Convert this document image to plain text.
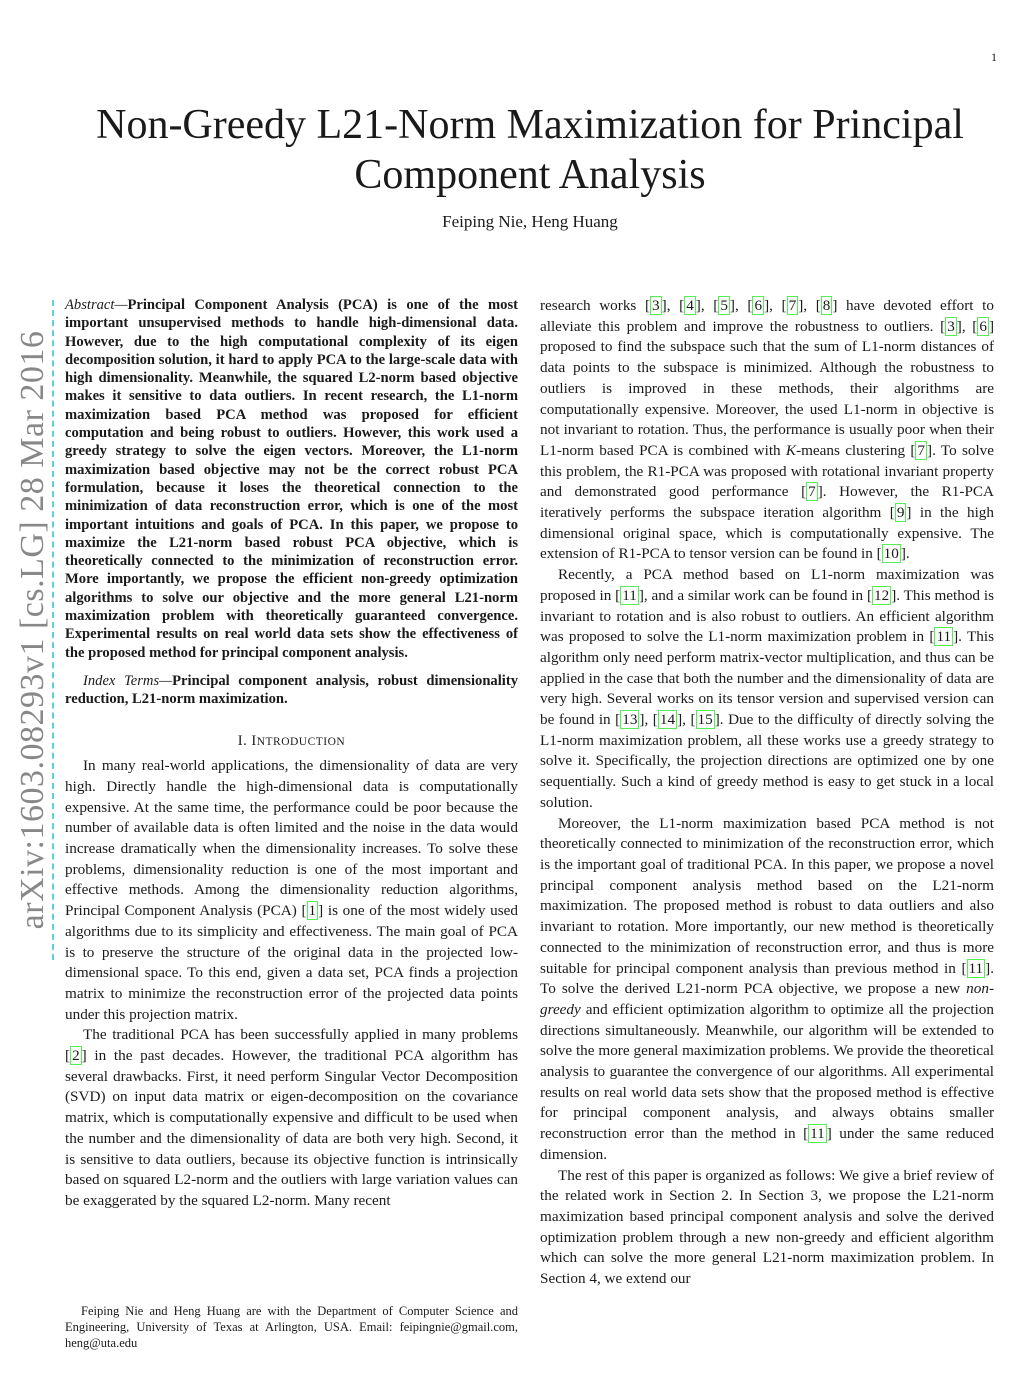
1
Non-Greedy L21-Norm Maximization for Principal Component Analysis
Feiping Nie, Heng Huang
arXiv:1603.08293v1 [cs.LG] 28 Mar 2016

Abstract—Principal Component Analysis (PCA) is one of the most important unsupervised methods to handle high-dimensional data. However, due to the high computational complexity of its eigen decomposition solution, it hard to apply PCA to the large-scale data with high dimensionality. Meanwhile, the squared L2-norm based objective makes it sensitive to data outliers. In recent research, the L1-norm maximization based PCA method was proposed for efficient computation and being robust to outliers. However, this work used a greedy strategy to solve the eigen vectors. Moreover, the L1-norm maximization based objective may not be the correct robust PCA formulation, because it loses the theoretical connection to the minimization of data reconstruction error, which is one of the most important intuitions and goals of PCA. In this paper, we propose to maximize the L21-norm based robust PCA objective, which is theoretically connected to the minimization of reconstruction error. More importantly, we propose the efficient non-greedy optimization algorithms to solve our objective and the more general L21-norm maximization problem with theoretically guaranteed convergence. Experimental results on real world data sets show the effectiveness of the proposed method for principal component analysis.

Index Terms—Principal component analysis, robust dimensionality reduction, L21-norm maximization.

I. INTRODUCTION

In many real-world applications, the dimensionality of data are very high. Directly handle the high-dimensional data is computationally expensive. At the same time, the performance could be poor because the number of available data is often limited and the noise in the data would increase dramatically when the dimensionality increases. To solve these problems, dimensionality reduction is one of the most important and effective methods. Among the dimensionality reduction algorithms, Principal Component Analysis (PCA) [ 1 ] is one of the most widely used algorithms due to its simplicity and effectiveness. The main goal of PCA is to preserve the structure of the original data in the projected low-dimensional space. To this end, given a data set, PCA finds a projection matrix to minimize the reconstruction error of the projected data points under this projection matrix.

The traditional PCA has been successfully applied in many problems [ 2 ] in the past decades. However, the traditional PCA algorithm has several drawbacks. First, it need perform Singular Vector Decomposition (SVD) on input data matrix or eigen-decomposition on the covariance matrix, which is computationally expensive and difficult to be used when the number and the dimensionality of data are both very high. Second, it is sensitive to data outliers, because its objective function is intrinsically based on squared L2-norm and the outliers with large variation values can be exaggerated by the squared L2-norm. Many recent

Feiping Nie and Heng Huang are with the Department of Computer Science and Engineering, University of Texas at Arlington, USA. Email: feipingnie@gmail.com, heng@uta.edu

research works [ 3 ], [ 4 ], [ 5 ], [ 6 ], [ 7 ], [ 8 ] have devoted effort to alleviate this problem and improve the robustness to outliers. [ 3 ], [ 6 ] proposed to find the subspace such that the sum of L1-norm distances of data points to the subspace is minimized. Although the robustness to outliers is improved in these methods, their algorithms are computationally expensive. Moreover, the used L1-norm in objective is not invariant to rotation. Thus, the performance is usually poor when their L1-norm based PCA is combined with K-means clustering [ 7 ]. To solve this problem, the R1-PCA was proposed with rotational invariant property and demonstrated good performance [ 7 ]. However, the R1-PCA iteratively performs the subspace iteration algorithm [ 9 ] in the high dimensional original space, which is computationally expensive. The extension of R1-PCA to tensor version can be found in [ 10 ].

Recently, a PCA method based on L1-norm maximization was proposed in [ 11 ], and a similar work can be found in [ 12 ]. This method is invariant to rotation and is also robust to outliers. An efficient algorithm was proposed to solve the L1-norm maximization problem in [ 11 ]. This algorithm only need perform matrix-vector multiplication, and thus can be applied in the case that both the number and the dimensionality of data are very high. Several works on its tensor version and supervised version can be found in [ 13 ], [ 14 ], [ 15 ]. Due to the difficulty of directly solving the L1-norm maximization problem, all these works use a greedy strategy to solve it. Specifically, the projection directions are optimized one by one sequentially. Such a kind of greedy method is easy to get stuck in a local solution.

Moreover, the L1-norm maximization based PCA method is not theoretically connected to minimization of the reconstruction error, which is the important goal of traditional PCA. In this paper, we propose a novel principal component analysis method based on the L21-norm maximization. The proposed method is robust to data outliers and also invariant to rotation. More importantly, our new method is theoretically connected to the minimization of reconstruction error, and thus is more suitable for principal component analysis than previous method in [ 11 ]. To solve the derived L21-norm PCA objective, we propose a new non-greedy and efficient optimization algorithm to optimize all the projection directions simultaneously. Meanwhile, our algorithm will be extended to solve the more general maximization problems. We provide the theoretical analysis to guarantee the convergence of our algorithms. All experimental results on real world data sets show that the proposed method is effective for principal component analysis, and always obtains smaller reconstruction error than the method in [ 11 ] under the same reduced dimension.

The rest of this paper is organized as follows: We give a brief review of the related work in Section 2. In Section 3, we propose the L21-norm maximization based principal component analysis and solve the derived optimization problem through a new non-greedy and efficient algorithm which can solve the more general L21-norm maximization problem. In Section 4, we extend our
